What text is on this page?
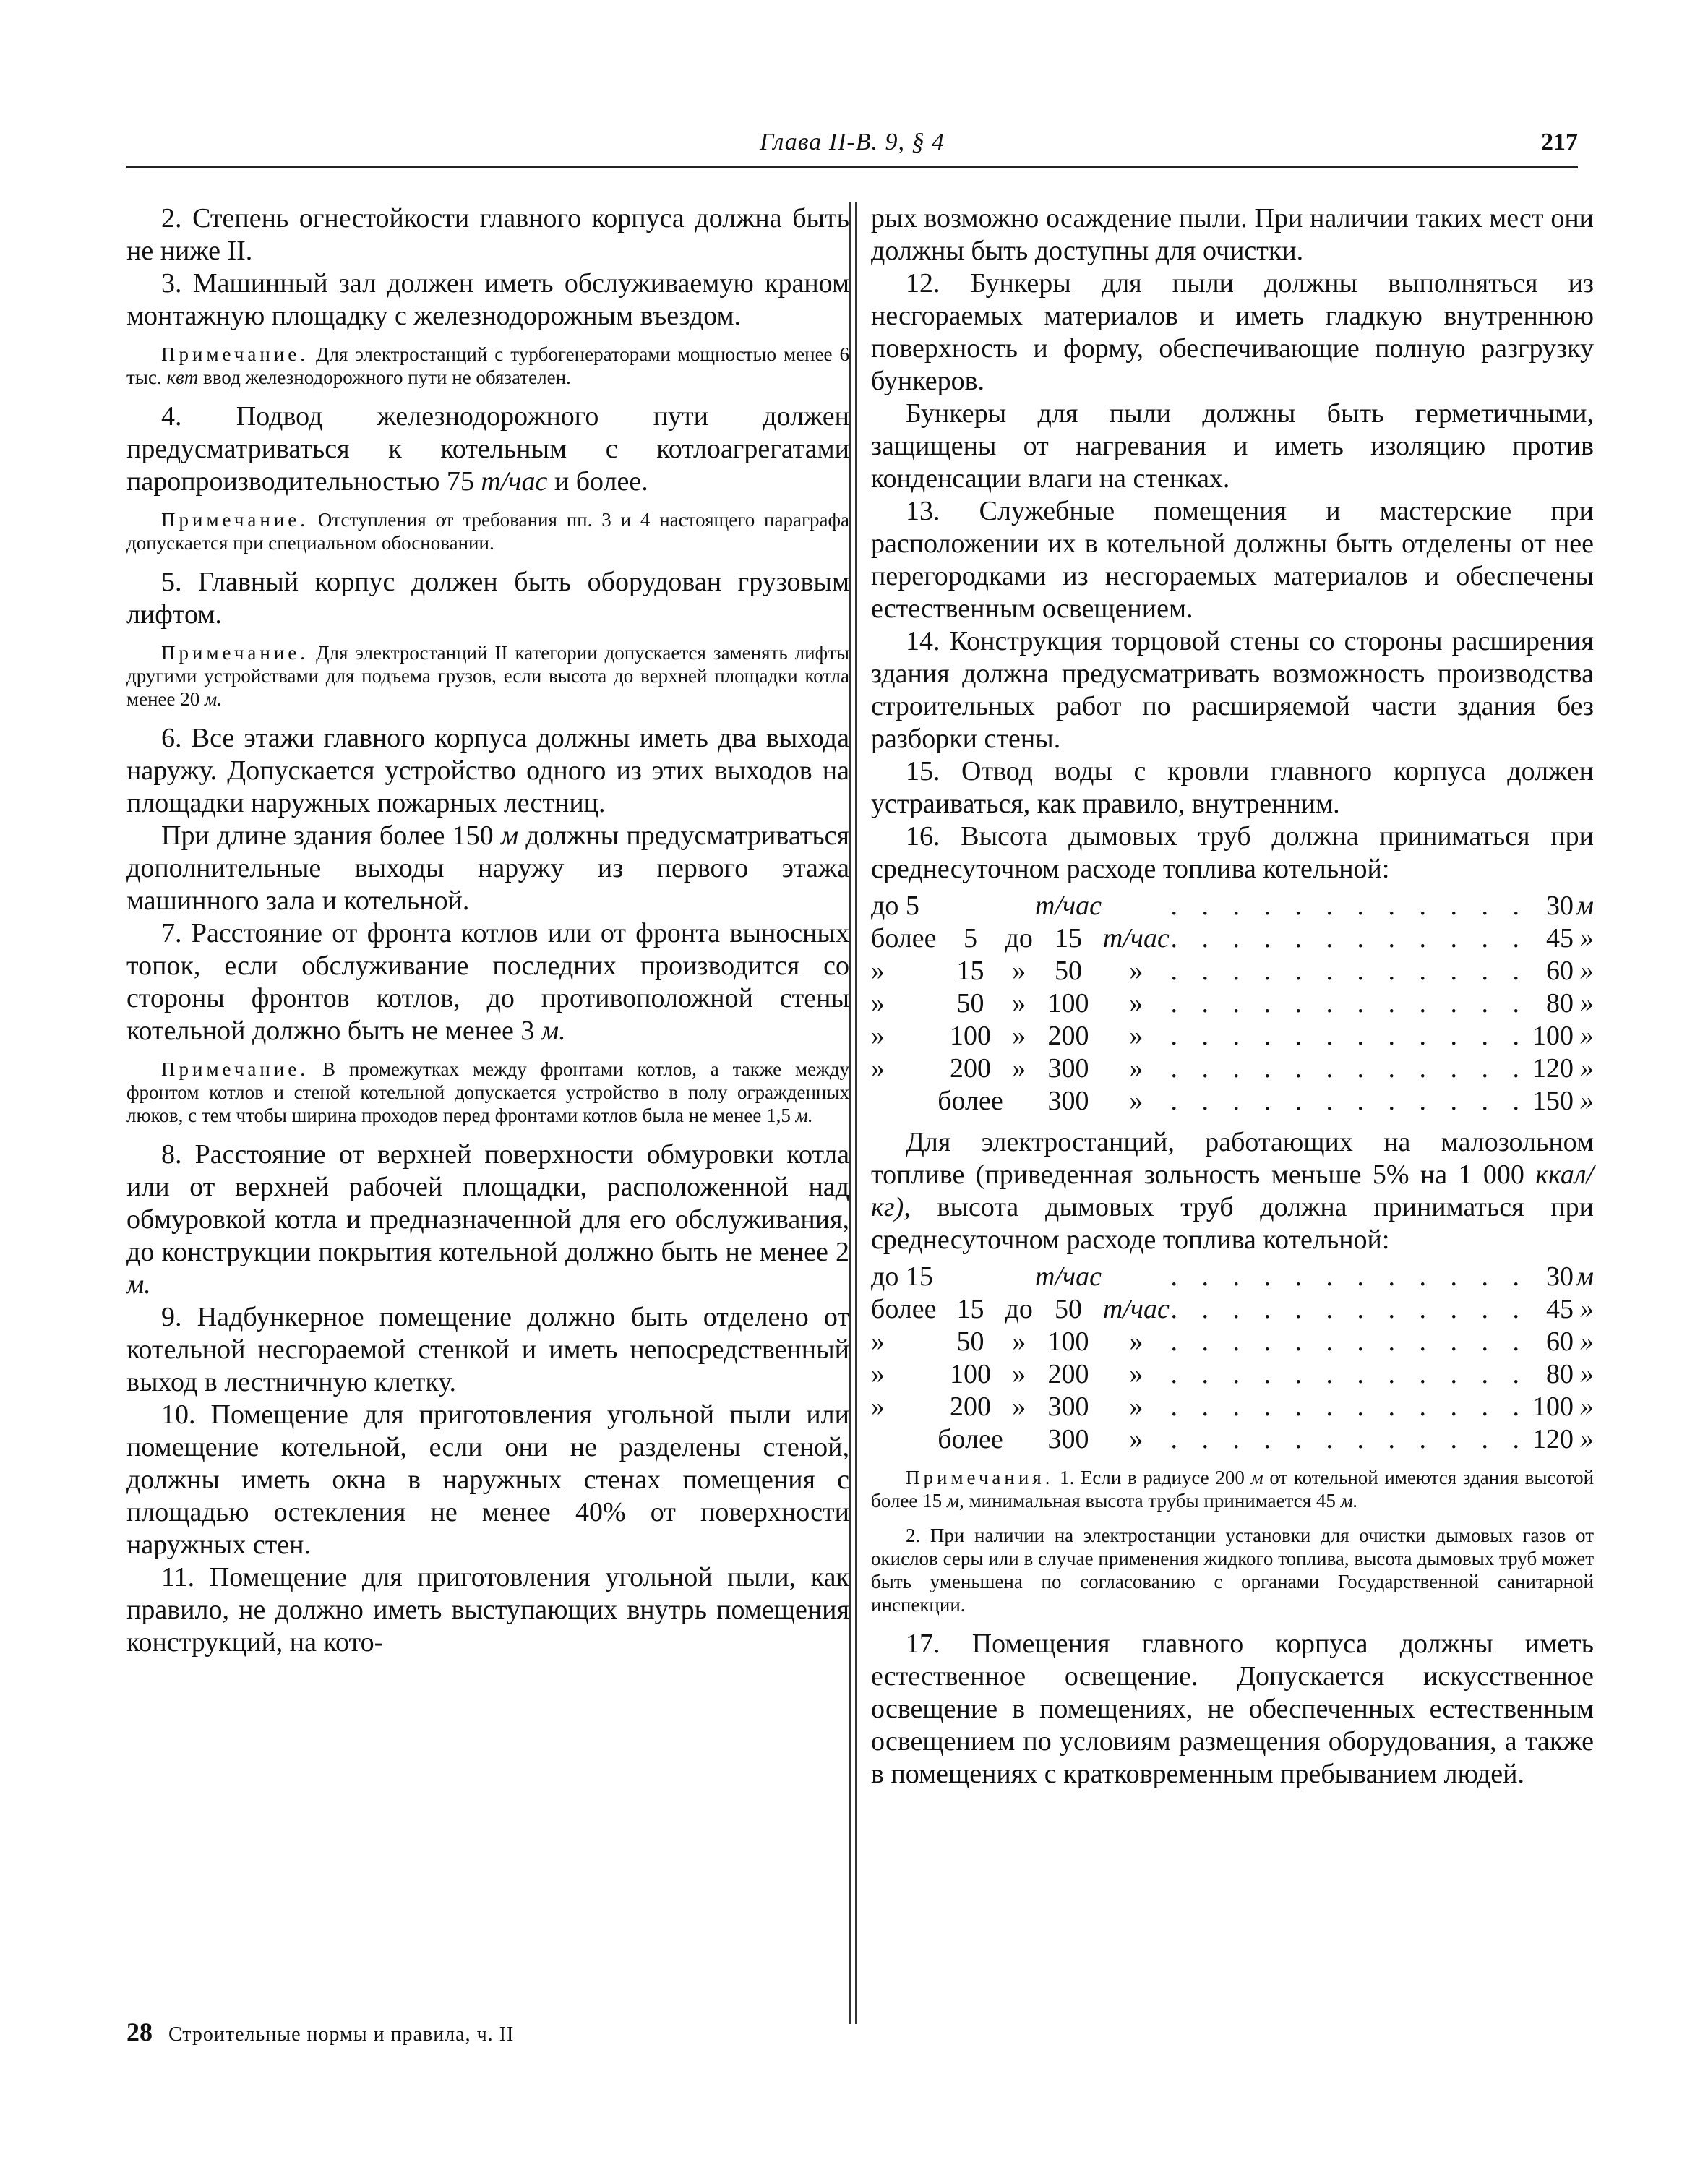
Глава II-В. 9, § 4	217

2. Степень огнестойкости главного корпуса должна быть не ниже II.

3. Машинный зал должен иметь обслуживаемую краном монтажную площадку с железнодорожным въездом.

Примечание. Для электростанций с турбогенераторами мощностью менее 6 тыс. квт ввод железнодорожного пути не обязателен.

4. Подвод железнодорожного пути должен предусматриваться к котельным с котлоагрегатами паропроизводительностью 75 т/час и более.

Примечание. Отступления от требования пп. 3 и 4 настоящего параграфа допускается при специальном обосновании.

5. Главный корпус должен быть оборудован грузовым лифтом.

Примечание. Для электростанций II категории допускается заменять лифты другими устройствами для подъема грузов, если высота до верхней площадки котла менее 20 м.

6. Все этажи главного корпуса должны иметь два выхода наружу. Допускается устройство одного из этих выходов на площадки наружных пожарных лестниц.

При длине здания более 150 м должны предусматриваться дополнительные выходы наружу из первого этажа машинного зала и котельной.

7. Расстояние от фронта котлов или от фронта выносных топок, если обслуживание последних производится со стороны фронтов котлов, до противоположной стены котельной должно быть не менее 3 м.

Примечание. В промежутках между фронтами котлов, а также между фронтом котлов и стеной котельной допускается устройство в полу огражденных люков, с тем чтобы ширина проходов перед фронтами котлов была не менее 1,5 м.

8. Расстояние от верхней поверхности обмуровки котла или от верхней рабочей площадки, расположенной над обмуровкой котла и предназначенной для его обслуживания, до конструкции покрытия котельной должно быть не менее 2 м.

9. Надбункерное помещение должно быть отделено от котельной несгораемой стенкой и иметь непосредственный выход в лестничную клетку.

10. Помещение для приготовления угольной пыли или помещение котельной, если они не разделены стеной, должны иметь окна в наружных стенах помещения с площадью остекления не менее 40% от поверхности наружных стен.

11. Помещение для приготовления угольной пыли, как правило, не должно иметь выступающих внутрь помещения конструкций, на кото-

рых возможно осаждение пыли. При наличии таких мест они должны быть доступны для очистки.

12. Бункеры для пыли должны выполняться из несгораемых материалов и иметь гладкую внутреннюю поверхность и форму, обеспечивающие полную разгрузку бункеров.

Бункеры для пыли должны быть герметичными, защищены от нагревания и иметь изоляцию против конденсации влаги на стенках.

13. Служебные помещения и мастерские при расположении их в котельной должны быть отделены от нее перегородками из несгораемых материалов и обеспечены естественным освещением.

14. Конструкция торцовой стены со стороны расширения здания должна предусматривать возможность производства строительных работ по расширяемой части здания без разборки стены.

15. Отвод воды с кровли главного корпуса должен устраиваться, как правило, внутренним.

16. Высота дымовых труб должна приниматься при среднесуточном расходе топлива котельной:

до 5			т/час		. . . . . . . . . . . .	30	м
более	5	до	15	т/час	. . . . . . . . . . . .	45	»
»	15	»	50	»	. . . . . . . . . . . .	60	»
»	50	»	100	»	. . . . . . . . . . . .	80	»
»	100	»	200	»	. . . . . . . . . . . .	100	»
»	200	»	300	»	. . . . . . . . . . . .	120	»
	более		300	»	. . . . . . . . . . . .	150	»

Для электростанций, работающих на малозольном топливе (приведенная зольность меньше 5% на 1 000 ккал/кг), высота дымовых труб должна приниматься при среднесуточном расходе топлива котельной:

до 15			т/час		. . . . . . . . . . . .	30	м
более	15	до	50	т/час	. . . . . . . . . . . .	45	»
»	50	»	100	»	. . . . . . . . . . . .	60	»
»	100	»	200	»	. . . . . . . . . . . .	80	»
»	200	»	300	»	. . . . . . . . . . . .	100	»
	более		300	»	. . . . . . . . . . . .	120	»

Примечания. 1. Если в радиусе 200 м от котельной имеются здания высотой более 15 м, минимальная высота трубы принимается 45 м.

2. При наличии на электростанции установки для очистки дымовых газов от окислов серы или в случае применения жидкого топлива, высота дымовых труб может быть уменьшена по согласованию с органами Государственной санитарной инспекции.

17. Помещения главного корпуса должны иметь естественное освещение. Допускается искусственное освещение в помещениях, не обеспеченных естественным освещением по условиям размещения оборудования, а также в помещениях с кратковременным пребыванием людей.

28 Строительные нормы и правила, ч. II
